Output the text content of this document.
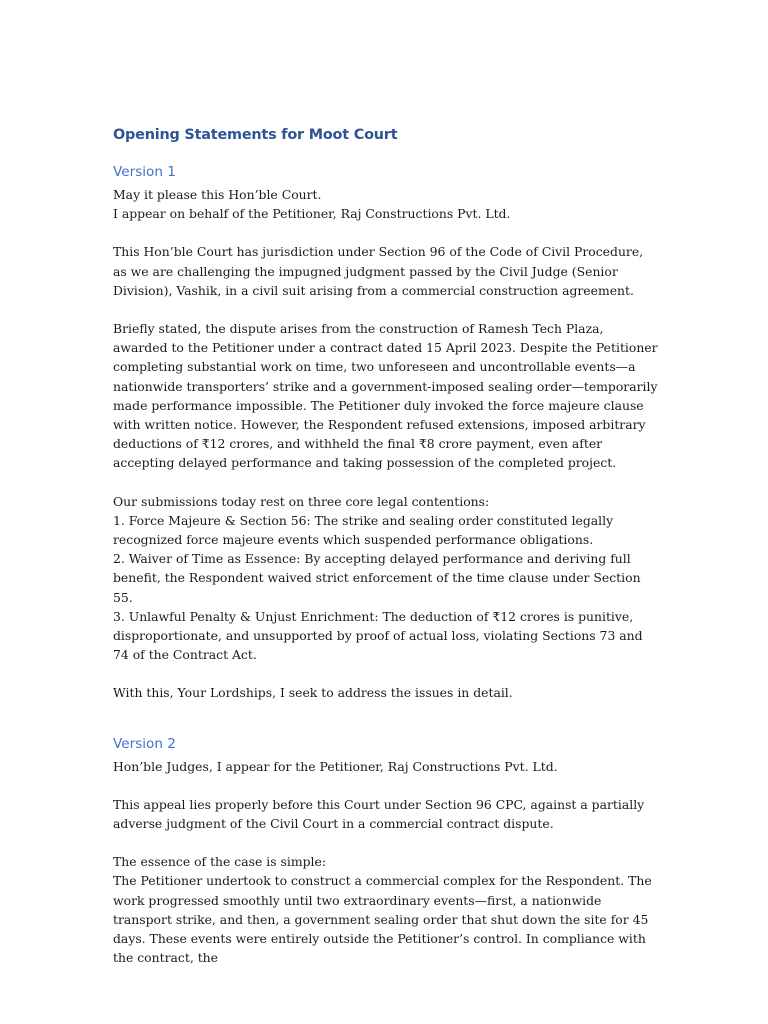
Opening Statements for Moot Court
Version 1

May it please this Hon’ble Court.
I appear on behalf of the Petitioner, Raj Constructions Pvt. Ltd.

This Hon’ble Court has jurisdiction under Section 96 of the Code of Civil Procedure, as we are challenging the impugned judgment passed by the Civil Judge (Senior Division), Vashik, in a civil suit arising from a commercial construction agreement.

Briefly stated, the dispute arises from the construction of Ramesh Tech Plaza, awarded to the Petitioner under a contract dated 15 April 2023. Despite the Petitioner completing substantial work on time, two unforeseen and uncontrollable events—a nationwide transporters’ strike and a government-imposed sealing order—temporarily made performance impossible. The Petitioner duly invoked the force majeure clause with written notice. However, the Respondent refused extensions, imposed arbitrary deductions of ₹12 crores, and withheld the final ₹8 crore payment, even after accepting delayed performance and taking possession of the completed project.

Our submissions today rest on three core legal contentions:
1. Force Majeure & Section 56: The strike and sealing order constituted legally recognized force majeure events which suspended performance obligations.
2. Waiver of Time as Essence: By accepting delayed performance and deriving full benefit, the Respondent waived strict enforcement of the time clause under Section 55.
3. Unlawful Penalty & Unjust Enrichment: The deduction of ₹12 crores is punitive, disproportionate, and unsupported by proof of actual loss, violating Sections 73 and 74 of the Contract Act.

With this, Your Lordships, I seek to address the issues in detail.

Version 2

Hon’ble Judges, I appear for the Petitioner, Raj Constructions Pvt. Ltd.

This appeal lies properly before this Court under Section 96 CPC, against a partially adverse judgment of the Civil Court in a commercial contract dispute.

The essence of the case is simple:
The Petitioner undertook to construct a commercial complex for the Respondent. The work progressed smoothly until two extraordinary events—first, a nationwide transport strike, and then, a government sealing order that shut down the site for 45 days. These events were entirely outside the Petitioner’s control. In compliance with the contract, the
